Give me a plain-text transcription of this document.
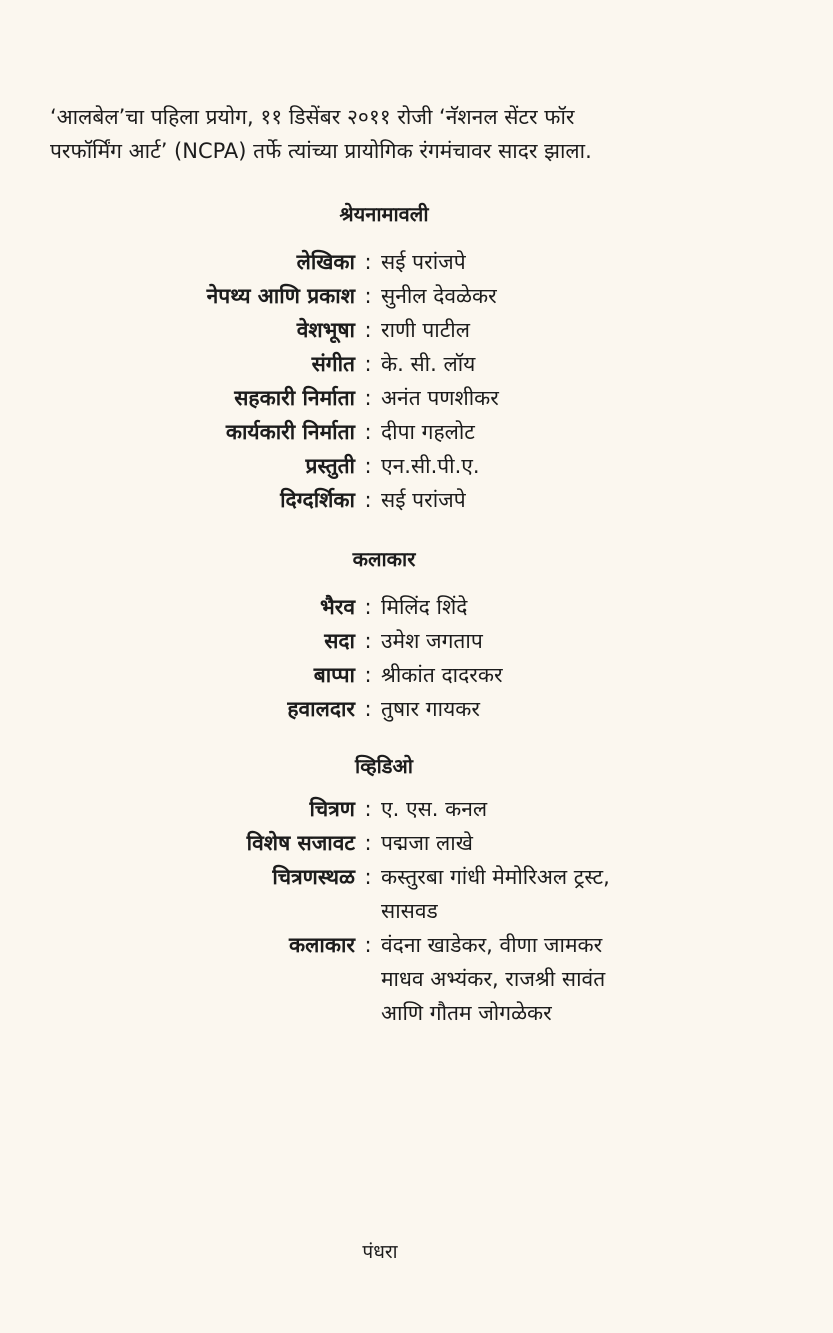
‘आलबेल’चा पहिला प्रयोग, ११ डिसेंबर २०११ रोजी ‘नॅशनल सेंटर फॉर
परफॉर्मिंग आर्ट’ (NCPA) तर्फे त्यांच्या प्रायोगिक रंगमंचावर सादर झाला.
श्रेयनामावली
लेखिका : सई परांजपे
नेपथ्य आणि प्रकाश : सुनील देवळेकर
वेशभूषा : राणी पाटील
संगीत : के. सी. लॉय
सहकारी निर्माता : अनंत पणशीकर
कार्यकारी निर्माता : दीपा गहलोट
प्रस्तुती : एन.सी.पी.ए.
दिग्दर्शिका : सई परांजपे
कलाकार
भैरव : मिलिंद शिंदे
सदा : उमेश जगताप
बाप्पा : श्रीकांत दादरकर
हवालदार : तुषार गायकर
व्हिडिओ
चित्रण : ए. एस. कनल
विशेष सजावट : पद्मजा लाखे
चित्रणस्थळ : कस्तुरबा गांधी मेमोरिअल ट्रस्ट,
सासवड
कलाकार : वंदना खाडेकर, वीणा जामकर
माधव अभ्यंकर, राजश्री सावंत
आणि गौतम जोगळेकर
पंधरा
